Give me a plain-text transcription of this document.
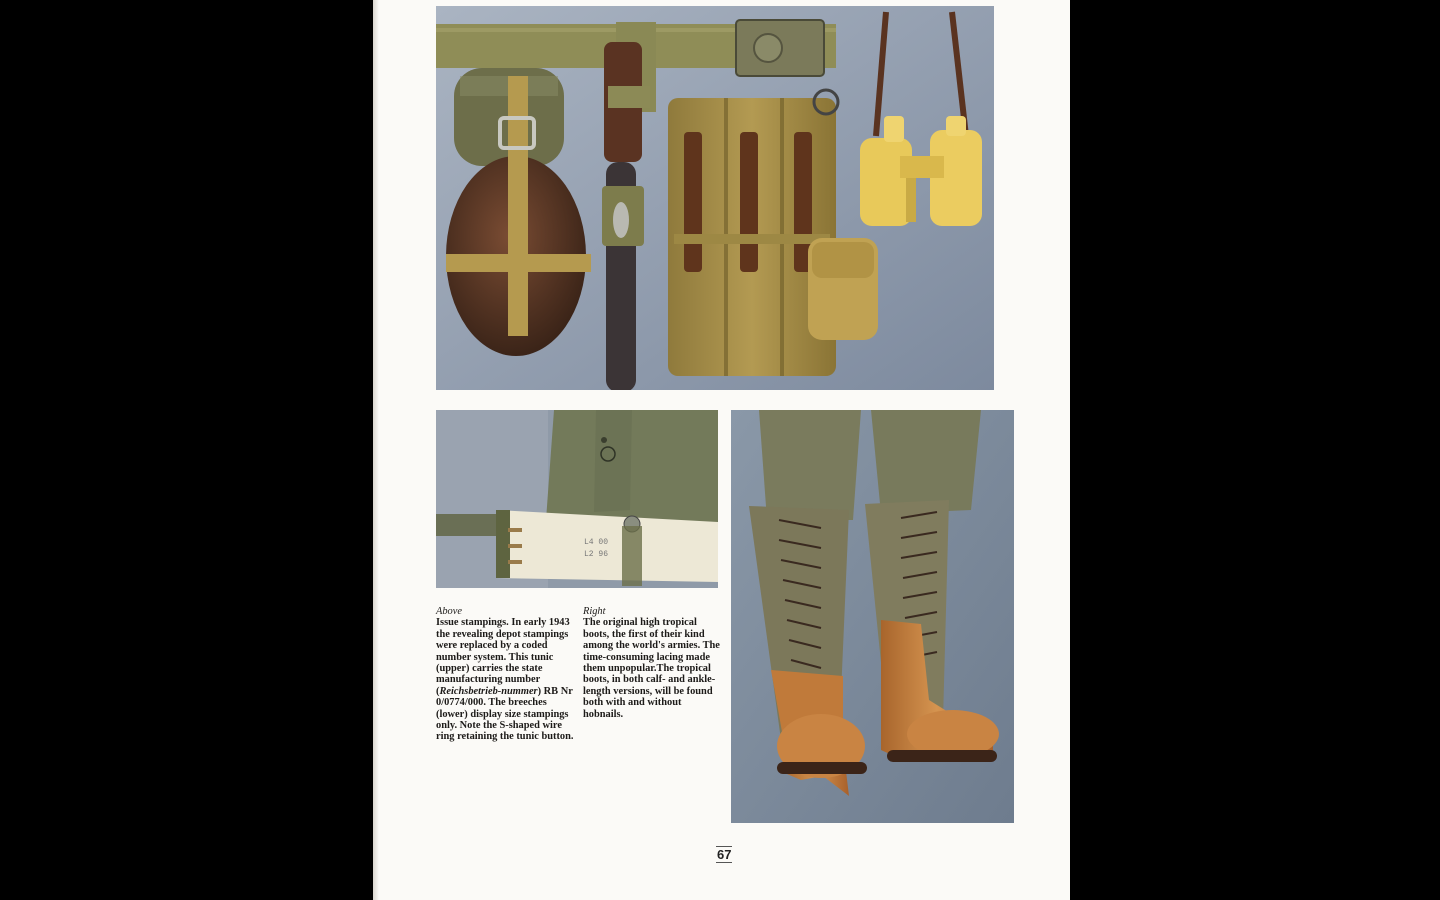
L4 00
L2 96
Above
Issue stampings. In early 1943 the revealing depot stampings were replaced by a coded number system. This tunic (upper) carries the state manufacturing number (Reichsbetrieb-nummer) RB Nr 0/0774/000. The breeches (lower) display size stampings only. Note the S-shaped wire ring retaining the tunic button.
Right
The original high tropical boots, the first of their kind among the world's armies. The time-consuming lacing made them unpopular.The tropical boots, in both calf- and ankle-length versions, will be found both with and without hobnails.
67
